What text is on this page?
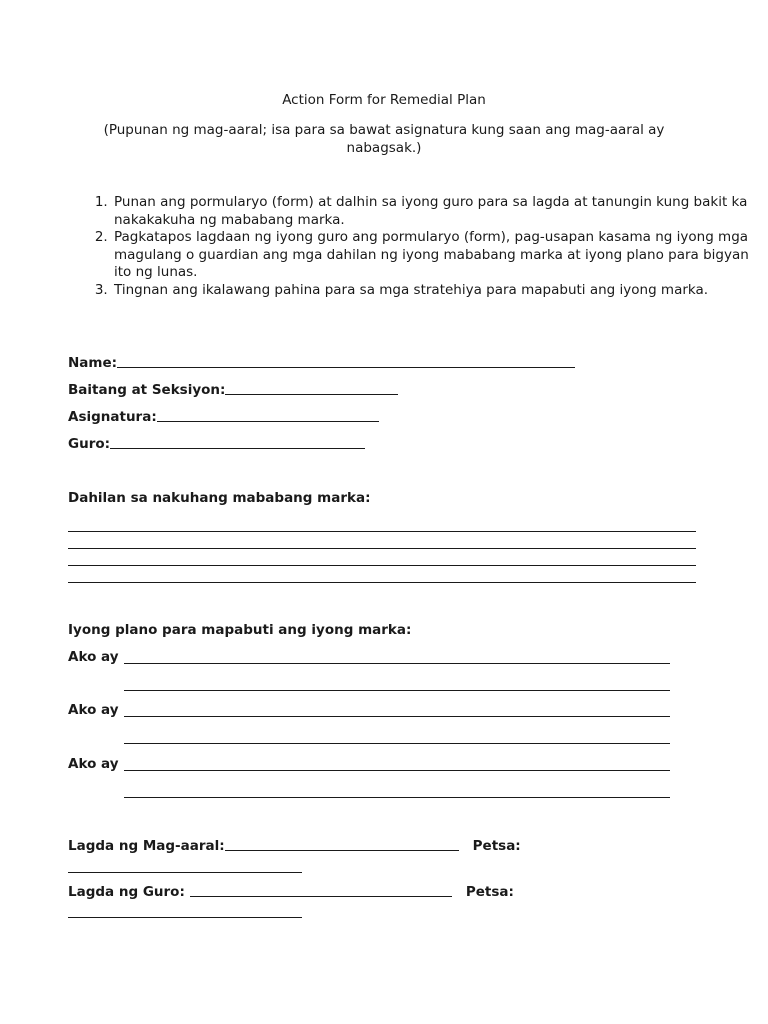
Action Form for Remedial Plan
(Pupunan ng mag-aaral; isa para sa bawat asignatura kung saan ang mag-aaral ay nabagsak.)
1. Punan ang pormularyo (form) at dalhin sa iyong guro para sa lagda at tanungin kung bakit ka nakakakuha ng mababang marka.
2. Pagkatapos lagdaan ng iyong guro ang pormularyo (form), pag-usapan kasama ng iyong mga magulang o guardian ang mga dahilan ng iyong mababang marka at iyong plano para bigyan ito ng lunas.
3. Tingnan ang ikalawang pahina para sa mga stratehiya para mapabuti ang iyong marka.
Name:
Baitang at Seksiyon:
Asignatura:
Guro:
Dahilan sa nakuhang mababang marka:
Iyong plano para mapabuti ang iyong marka:
Ako ay
Ako ay
Ako ay
Lagda ng Mag-aaral:	Petsa:
Lagda ng Guro:	Petsa:
